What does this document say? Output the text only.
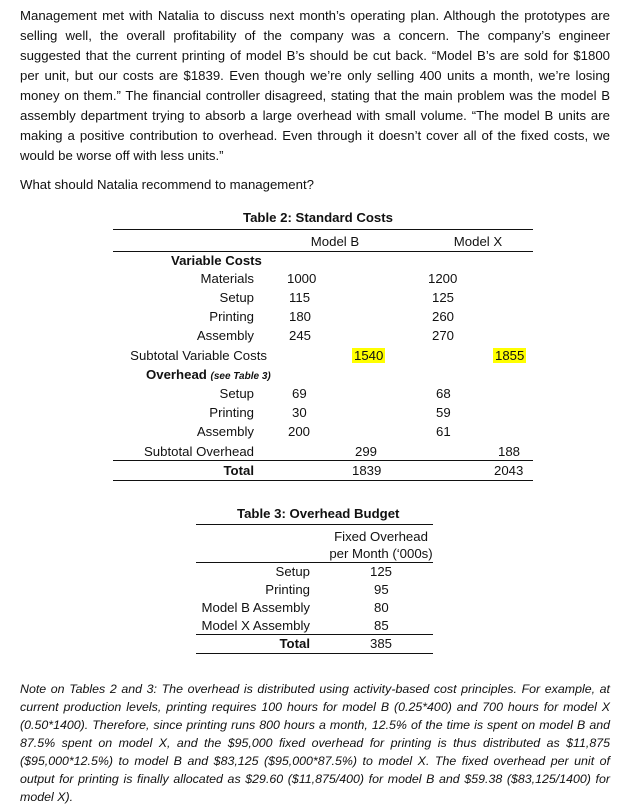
Management met with Natalia to discuss next month’s operating plan. Although the prototypes are selling well, the overall profitability of the company was a concern. The company’s engineer suggested that the current printing of model B’s should be cut back. “Model B’s are sold for $1800 per unit, but our costs are $1839. Even though we’re only selling 400 units a month, we’re losing money on them.” The financial controller disagreed, stating that the main problem was the model B assembly department trying to absorb a large overhead with small volume. “The model B units are making a positive contribution to overhead. Even through it doesn’t cover all of the fixed costs, we would be worse off with less units.”

What should Natalia recommend to management?

Table 2: Standard Costs
Model B	Model X
Variable Costs
Materials	1000	1200
Setup	115	125
Printing	180	260
Assembly	245	270
Subtotal Variable Costs	1540	1855
Overhead (see Table 3)
Setup	69	68
Printing	30	59
Assembly	200	61
Subtotal Overhead	299	188
Total	1839	2043
Table 3: Overhead Budget
Fixed Overhead
per Month (‘000s)
Setup	125
Printing	95
Model B Assembly	80
Model X Assembly	85
Total	385

Note on Tables 2 and 3: The overhead is distributed using activity-based cost principles. For example, at current production levels, printing requires 100 hours for model B (0.25*400) and 700 hours for model X (0.50*1400). Therefore, since printing runs 800 hours a month, 12.5% of the time is spent on model B and 87.5% spent on model X, and the $95,000 fixed overhead for printing is thus distributed as $11,875 ($95,000*12.5%) to model B and $83,125 ($95,000*87.5%) to model X. The fixed overhead per unit of output for printing is finally allocated as $29.60 ($11,875/400) for model B and $59.38 ($83,125/1400) for model X).
